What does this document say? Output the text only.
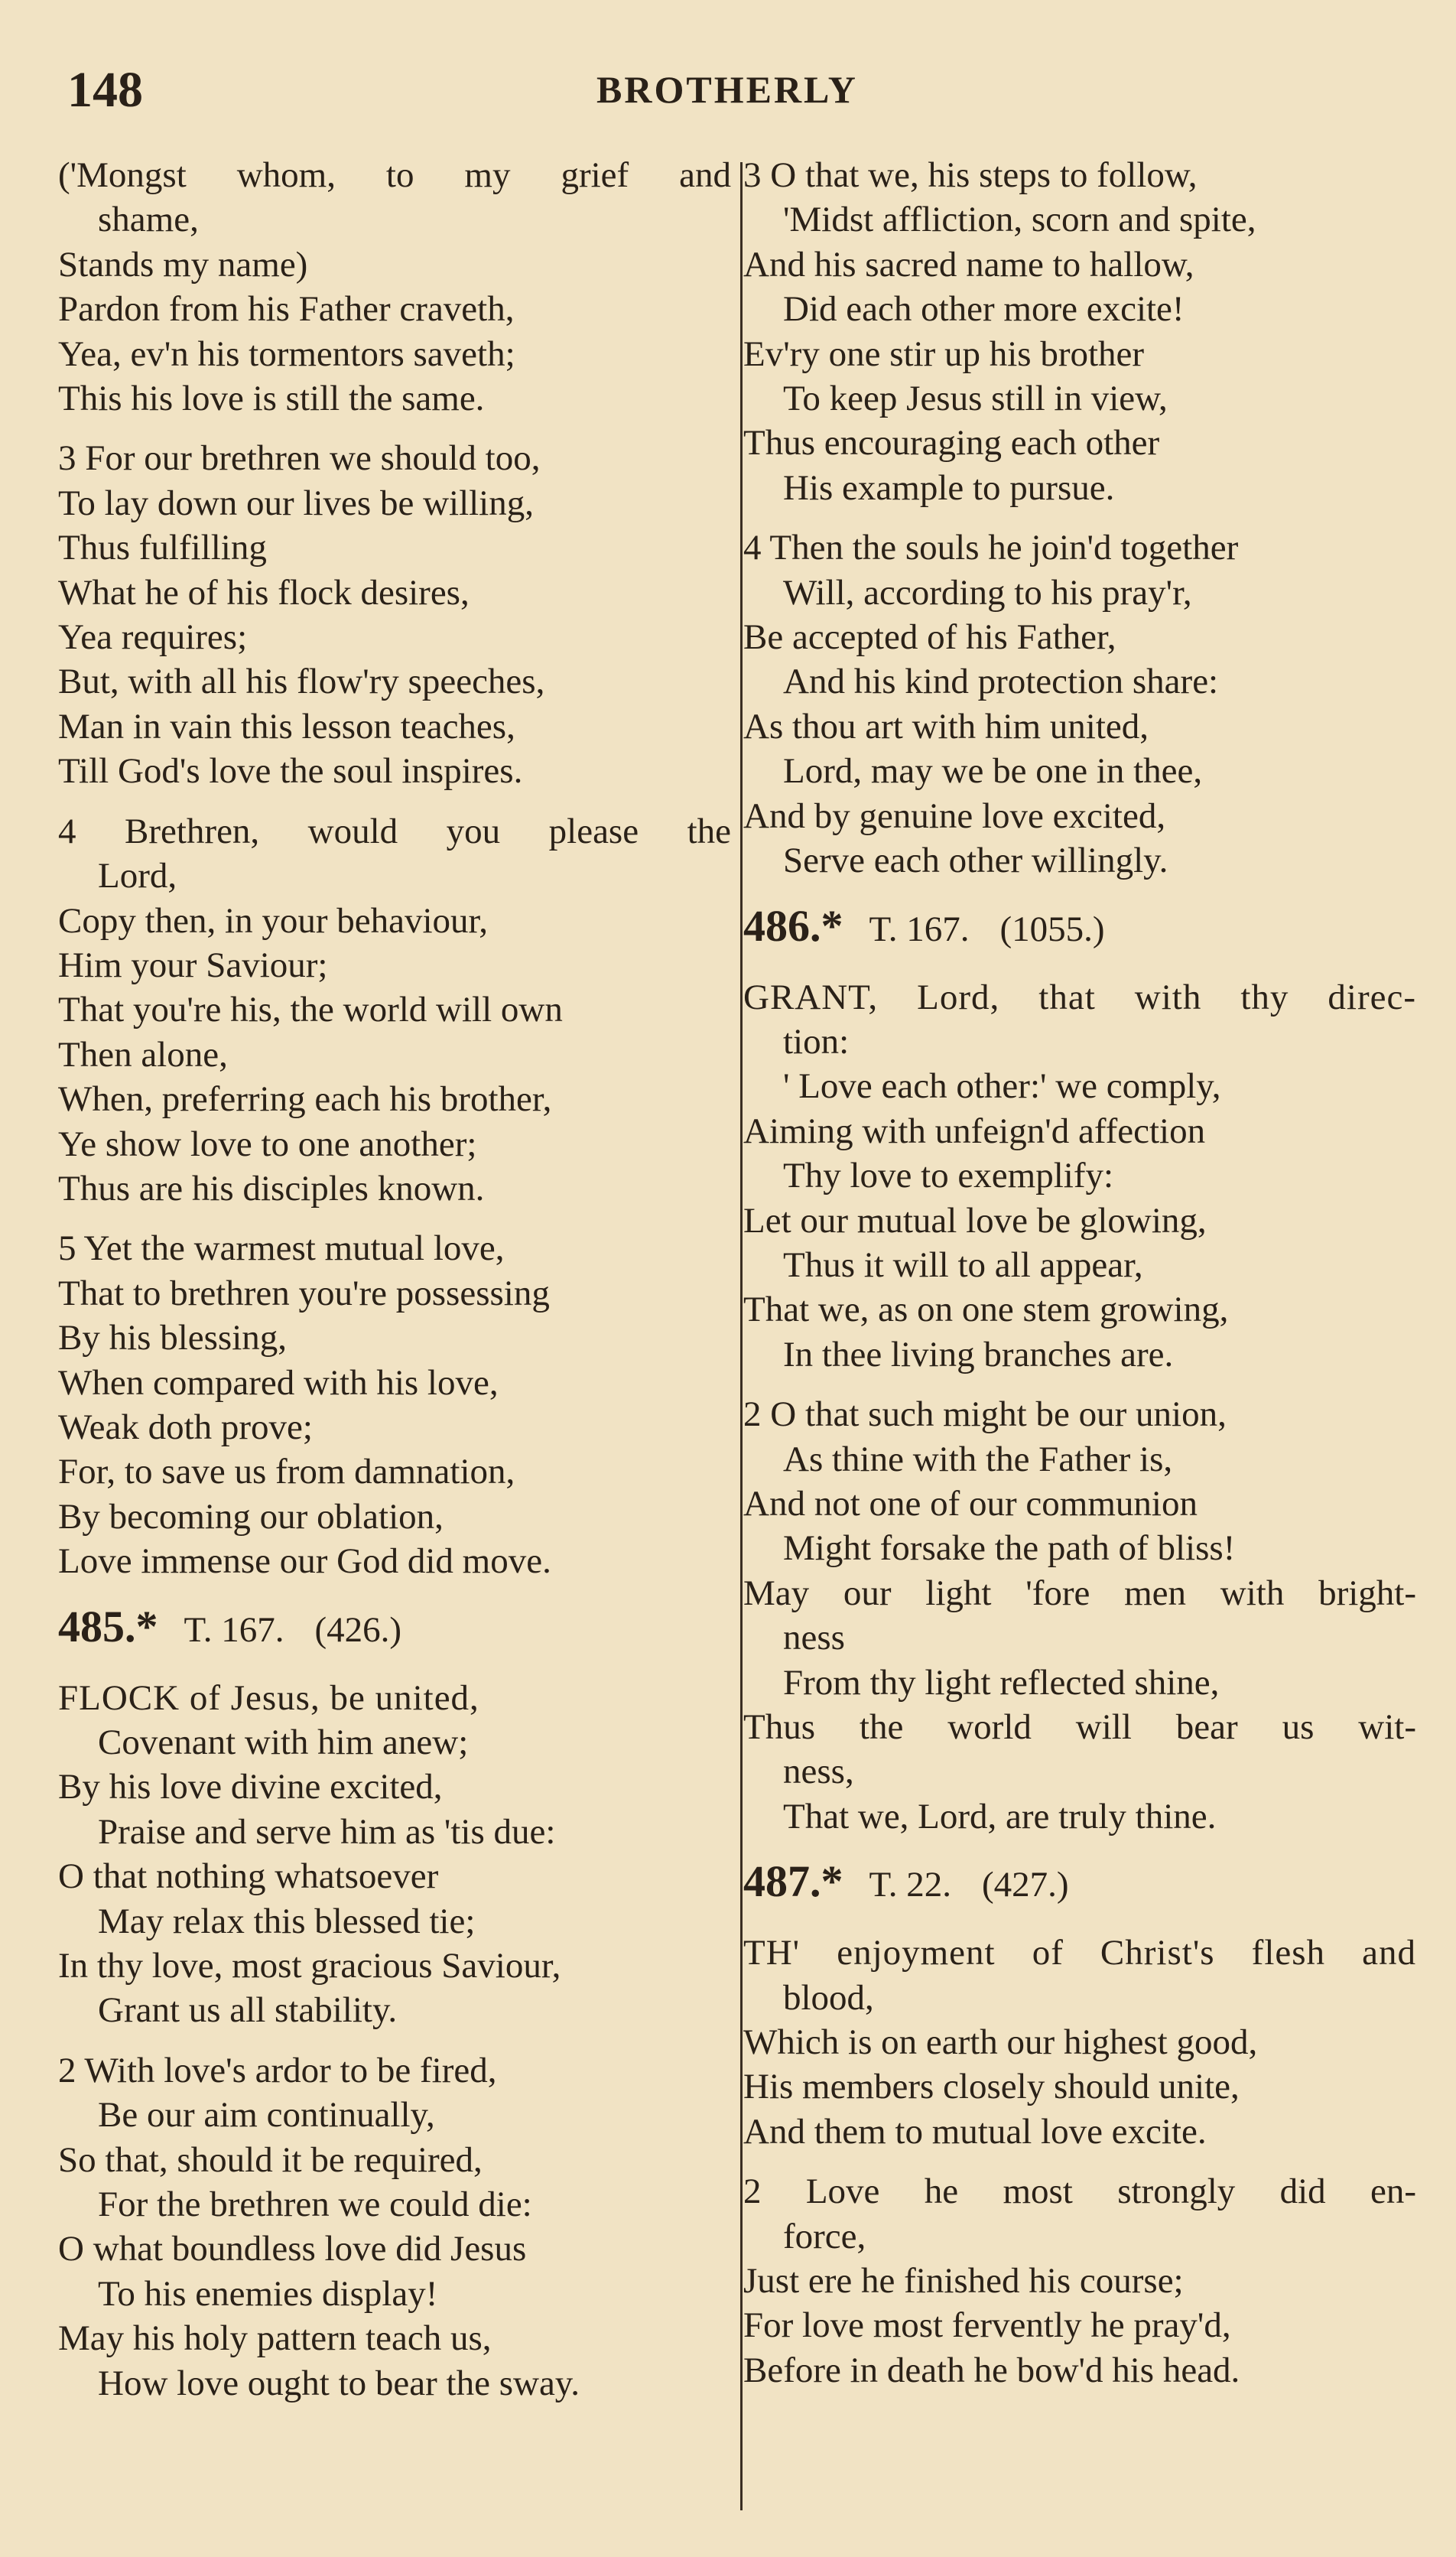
148	BROTHERLY
('Mongst whom, to my grief and
shame,
Stands my name)
Pardon from his Father craveth,
Yea, ev'n his tormentors saveth;
This his love is still the same.
3 For our brethren we should too,
To lay down our lives be willing,
Thus fulfilling
What he of his flock desires,
Yea requires;
But, with all his flow'ry speeches,
Man in vain this lesson teaches,
Till God's love the soul inspires.
4 Brethren, would you please the
Lord,
Copy then, in your behaviour,
Him your Saviour;
That you're his, the world will own
Then alone,
When, preferring each his brother,
Ye show love to one another;
Thus are his disciples known.
5 Yet the warmest mutual love,
That to brethren you're possessing
By his blessing,
When compared with his love,
Weak doth prove;
For, to save us from damnation,
By becoming our oblation,
Love immense our God did move.
485.* T. 167. (426.)
FLOCK of Jesus, be united,
Covenant with him anew;
By his love divine excited,
Praise and serve him as 'tis due:
O that nothing whatsoever
May relax this blessed tie;
In thy love, most gracious Saviour,
Grant us all stability.
2 With love's ardor to be fired,
Be our aim continually,
So that, should it be required,
For the brethren we could die:
O what boundless love did Jesus
To his enemies display!
May his holy pattern teach us,
How love ought to bear the sway.
3 O that we, his steps to follow,
'Midst affliction, scorn and spite,
And his sacred name to hallow,
Did each other more excite!
Ev'ry one stir up his brother
To keep Jesus still in view,
Thus encouraging each other
His example to pursue.
4 Then the souls he join'd together
Will, according to his pray'r,
Be accepted of his Father,
And his kind protection share:
As thou art with him united,
Lord, may we be one in thee,
And by genuine love excited,
Serve each other willingly.
486.* T. 167. (1055.)
GRANT, Lord, that with thy direc-
tion:
' Love each other:' we comply,
Aiming with unfeign'd affection
Thy love to exemplify:
Let our mutual love be glowing,
Thus it will to all appear,
That we, as on one stem growing,
In thee living branches are.
2 O that such might be our union,
As thine with the Father is,
And not one of our communion
Might forsake the path of bliss!
May our light 'fore men with bright-
ness
From thy light reflected shine,
Thus the world will bear us wit-
ness,
That we, Lord, are truly thine.
487.* T. 22. (427.)
TH' enjoyment of Christ's flesh and
blood,
Which is on earth our highest good,
His members closely should unite,
And them to mutual love excite.
2 Love he most strongly did en-
force,
Just ere he finished his course;
For love most fervently he pray'd,
Before in death he bow'd his head.
